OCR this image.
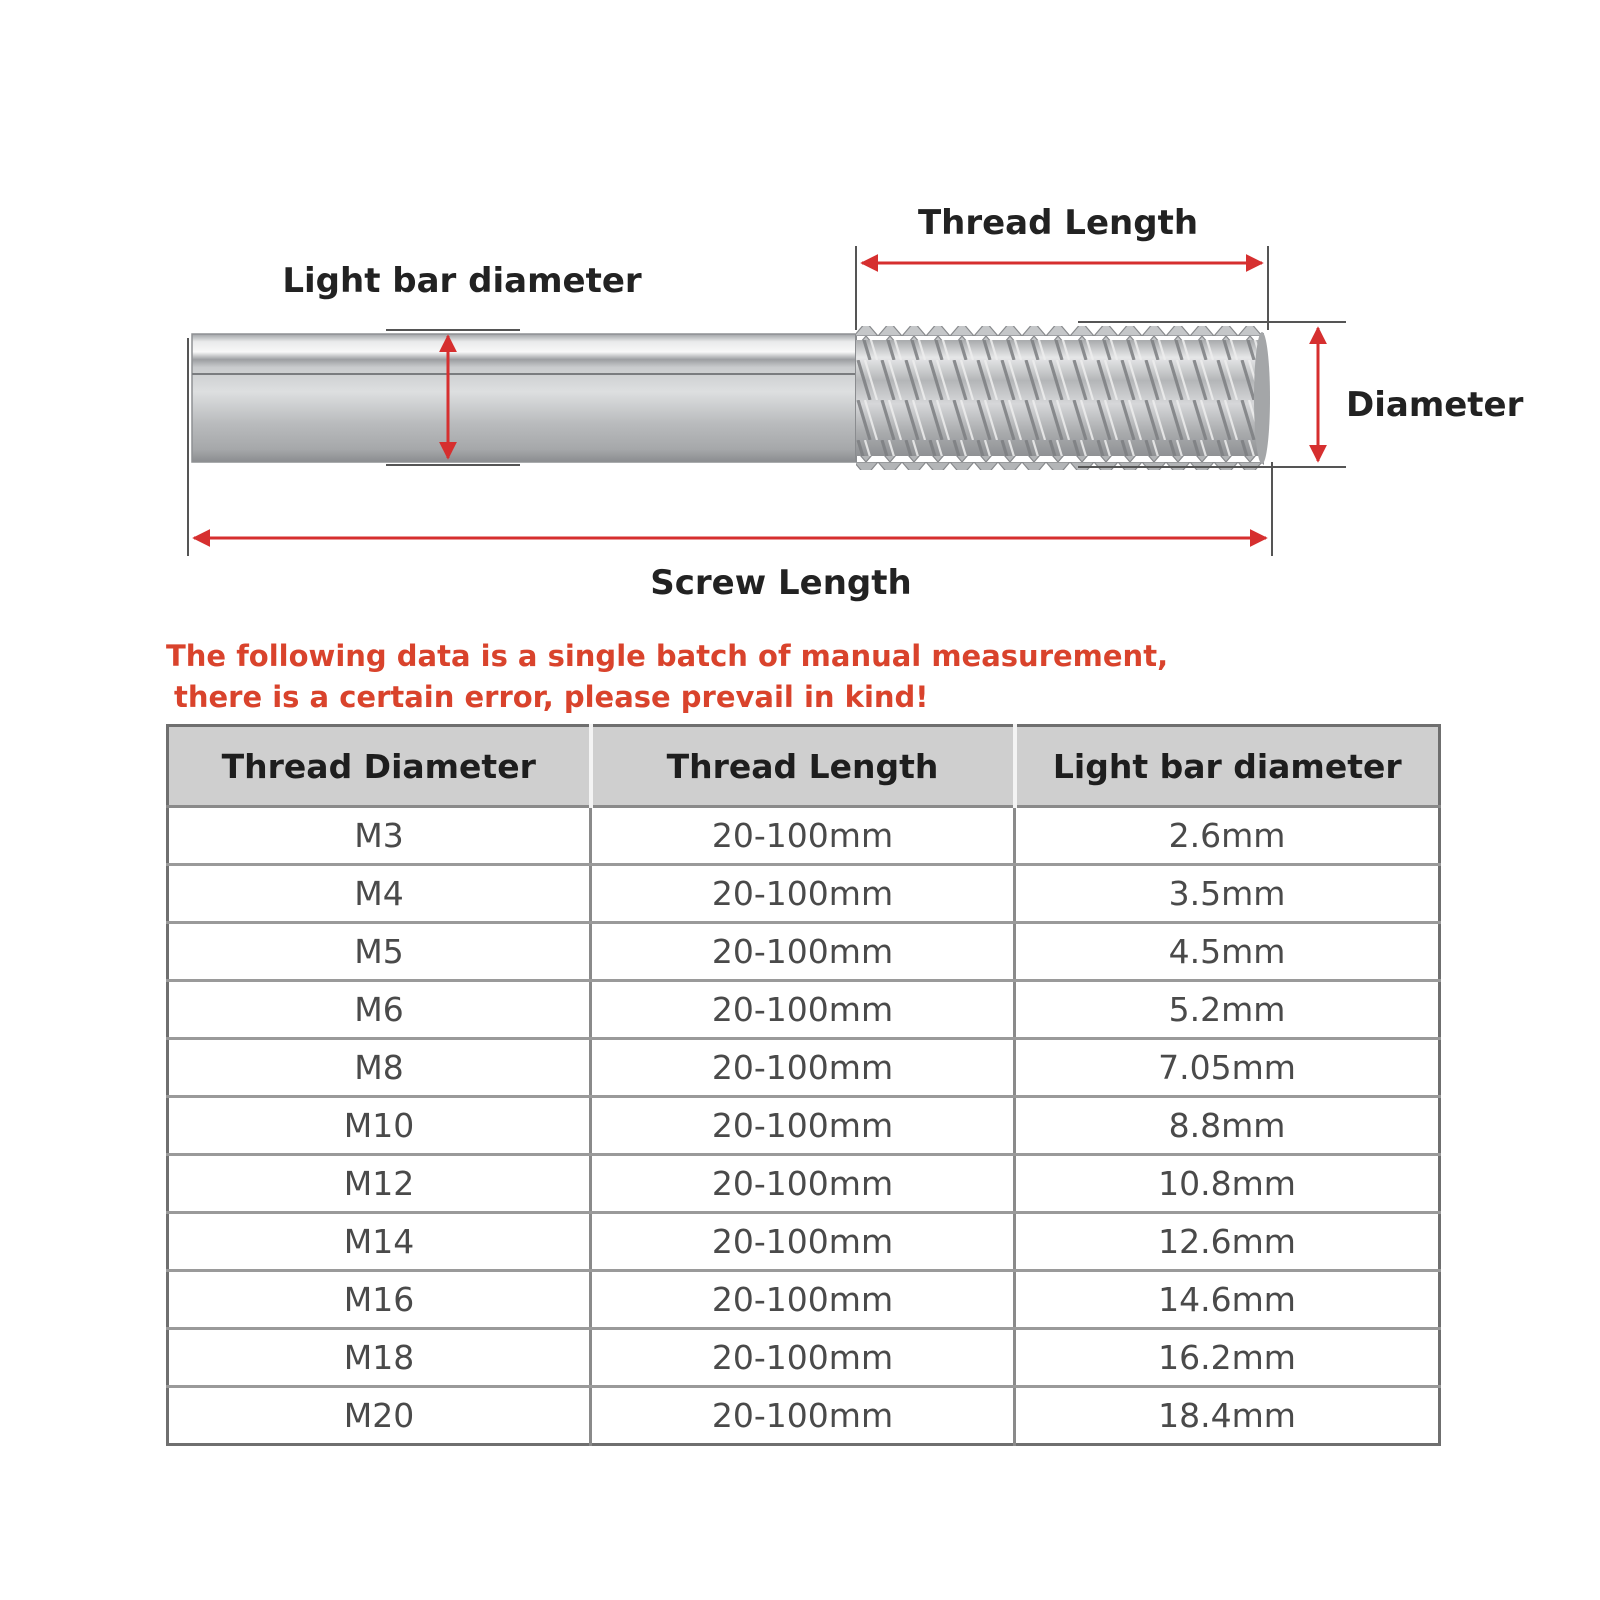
Thread Length
Light bar diameter
Diameter
Screw Length
The following data is a single batch of manual measurement,
there is a certain error, please prevail in kind!
Thread Diameter	Thread Length	Light bar diameter
M3	20-100mm	2.6mm
M4	20-100mm	3.5mm
M5	20-100mm	4.5mm
M6	20-100mm	5.2mm
M8	20-100mm	7.05mm
M10	20-100mm	8.8mm
M12	20-100mm	10.8mm
M14	20-100mm	12.6mm
M16	20-100mm	14.6mm
M18	20-100mm	16.2mm
M20	20-100mm	18.4mm
